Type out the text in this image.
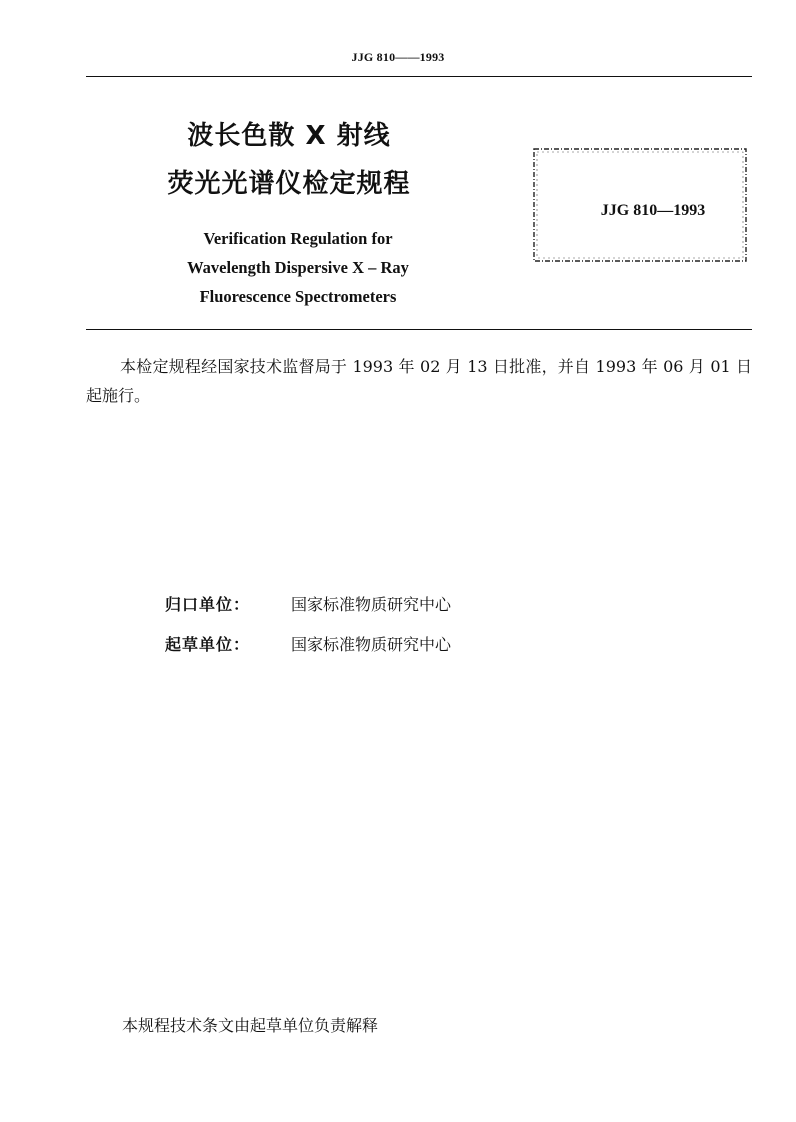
JJG 810——1993
波长色散 X 射线
荧光光谱仪检定规程
Verification Regulation for
Wavelength Dispersive X – Ray
Fluorescence Spectrometers
JJG 810—1993
本检定规程经国家技术监督局于 1993 年 02 月 13 日批准，并自 1993 年 06 月 01 日起施行。
归口单位：	国家标准物质研究中心
起草单位：	国家标准物质研究中心
本规程技术条文由起草单位负责解释
